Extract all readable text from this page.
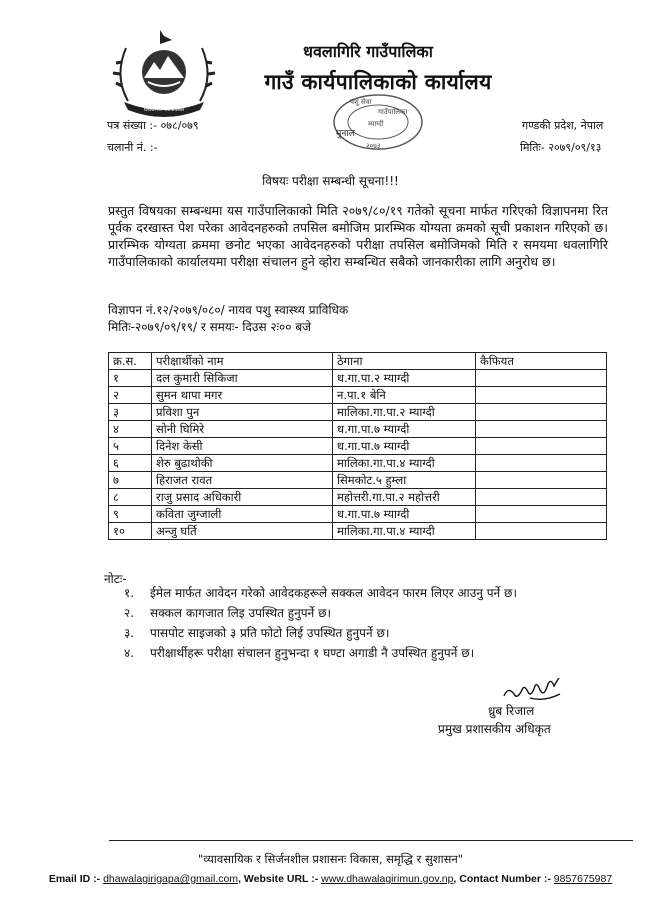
धवलागिरि गाउँपालिका
धवलागिरि गाउँपालिका
गाउँ कार्यपालिकाको कार्यालय
पशु सेवा
गाउँपालिका
म्याग्दी
मुनाल
२०७३
पत्र संख्या :- ०७८/०७९
चलानी नं. :-
गण्डकी प्रदेश, नेपाल
मितिः- २०७९/०९/१३
विषयः परीक्षा सम्बन्धी सूचना!!!
प्रस्तुत विषयका सम्बन्धमा यस गाउँपालिकाको मिति २०७९/८०/१९ गतेको सूचना मार्फत गरिएको विज्ञापनमा रित पूर्वक दरखास्त पेश परेका आवेदनहरुको तपसिल बमोजिम प्रारम्भिक योग्यता क्रमको सूची प्रकाशन गरिएको छ। प्रारम्भिक योग्यता क्रममा छनोट भएका आवेदनहरुको परीक्षा तपसिल बमोजिमको मिति र समयमा धवलागिरि गाउँपालिकाको कार्यालयमा परीक्षा संचालन हुने व्होरा सम्बन्धित सबैको जानकारीका लागि अनुरोध छ।
विज्ञापन नं.१२/२०७९/०८०/ नायव पशु स्वास्थ्य प्राविधिक
मितिः-२०७९/०९/१९/ र समयः- दिउस २ः०० बजे
क्र.स.	परीक्षार्थीको नाम	ठेगाना	कैफियत
१	दल कुमारी सिकिजा	ध.गा.पा.२ म्याग्दी	
२	सुमन थापा मगर	न.पा.१ बेनि	
३	प्रविशा पुन	मालिका.गा.पा.२ म्याग्दी	
४	सोनी घिमिरे	ध.गा.पा.७ म्याग्दी	
५	दिनेश केसी	ध.गा.पा.७ म्याग्दी	
६	शेरु बुढाथोकी	मालिका.गा.पा.४ म्याग्दी	
७	हिराजत रावत	सिमकोट.५ हुम्ला	
८	राजु प्रसाद अधिकारी	महोत्तरी.गा.पा.२ महोत्तरी	
९	कविता जुग्जाली	ध.गा.पा.७ म्याग्दी	
१०	अन्जु घर्ति	मालिका.गा.पा.४ म्याग्दी	
नोटः-
१. ईमेल मार्फत आवेदन गरेको आवेदकहरूले सक्कल आवेदन फारम लिएर आउनु पर्ने छ।
२. सक्कल कागजात लिइ उपस्थित हुनुपर्ने छ।
३. पासपोट साइजको ३ प्रति फोटो लिई उपस्थित हुनुपर्ने छ।
४. परीक्षार्थीहरू परीक्षा संचालन हुनुभन्दा १ घण्टा अगाडी नै उपस्थित हुनुपर्ने छ।
ध्रुब रिजाल
प्रमुख प्रशासकीय अधिकृत
"व्यावसायिक र सिर्जनशील प्रशासनः विकास, समृद्धि र सुशासन"
Email ID :- dhawalagirigapa@gmail.com, Website URL :- www.dhawalagirimun.gov.np, Contact Number :- 9857675987
